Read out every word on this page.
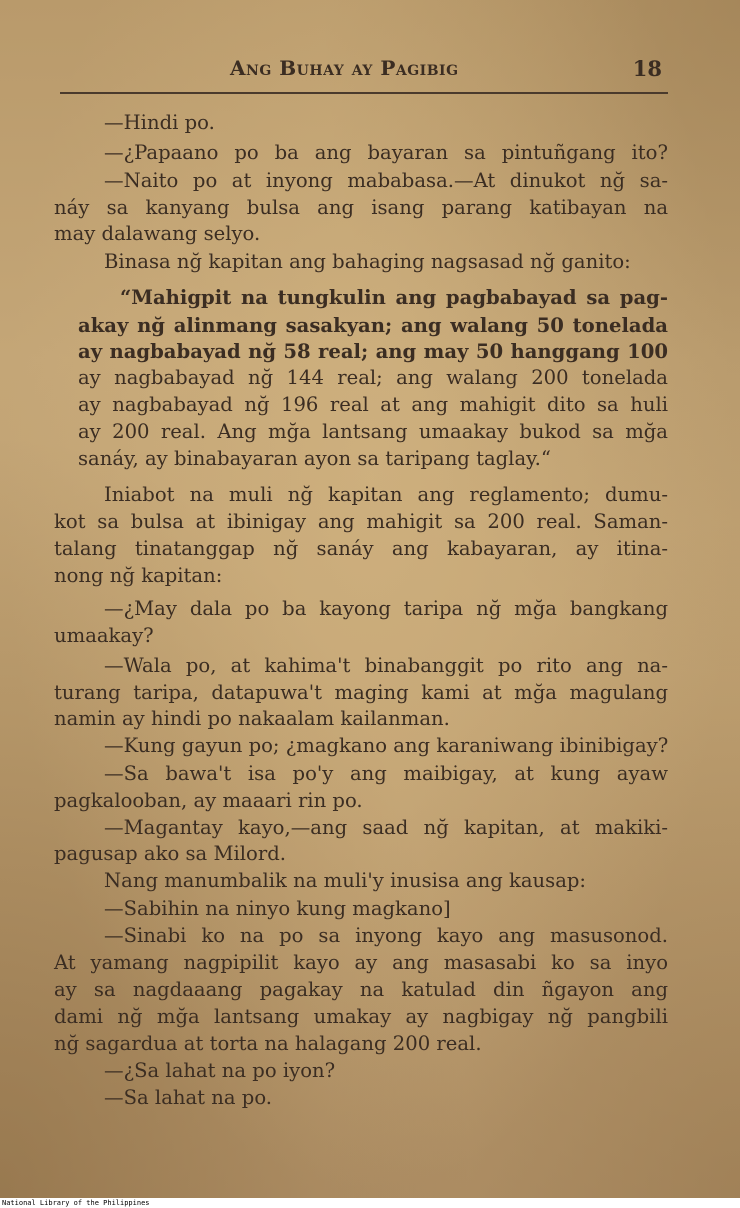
Ang Buhay ay Pagibig	18
—Hindi po.
—¿Papaano po ba ang bayaran sa pintuñgang ito?
—Naito po at inyong mababasa.—At dinukot nğ sa-
náy sa kanyang bulsa ang isang parang katibayan na
may dalawang selyo.
Binasa nğ kapitan ang bahaging nagsasad nğ ganito:
“Mahigpit na tungkulin ang pagbabayad sa pag-
akay nğ alinmang sasakyan; ang walang 50 tonelada
ay nagbabayad nğ 58 real; ang may 50 hanggang 100
ay nagbabayad nğ 144 real; ang walang 200 tonelada
ay nagbabayad nğ 196 real at ang mahigit dito sa huli
ay 200 real. Ang mğa lantsang umaakay bukod sa mğa
sanáy, ay binabayaran ayon sa taripang taglay.“
Iniabot na muli nğ kapitan ang reglamento; dumu-
kot sa bulsa at ibinigay ang mahigit sa 200 real. Saman-
talang tinatanggap nğ sanáy ang kabayaran, ay itina-
nong nğ kapitan:
—¿May dala po ba kayong taripa nğ mğa bangkang
umaakay?
—Wala po, at kahima't binabanggit po rito ang na-
turang taripa, datapuwa't maging kami at mğa magulang
namin ay hindi po nakaalam kailanman.
—Kung gayun po; ¿magkano ang karaniwang ibinibigay?
—Sa bawa't isa po'y ang maibigay, at kung ayaw
pagkalooban, ay maaari rin po.
—Magantay kayo,—ang saad nğ kapitan, at makiki-
pagusap ako sa Milord.
Nang manumbalik na muli'y inusisa ang kausap:
—Sabihin na ninyo kung magkano]
—Sinabi ko na po sa inyong kayo ang masusonod.
At yamang nagpipilit kayo ay ang masasabi ko sa inyo
ay sa nagdaaang pagakay na katulad din ñgayon ang
dami nğ mğa lantsang umakay ay nagbigay nğ pangbili
nğ sagardua at torta na halagang 200 real.
—¿Sa lahat na po iyon?
—Sa lahat na po.
National Library of the Philippines
